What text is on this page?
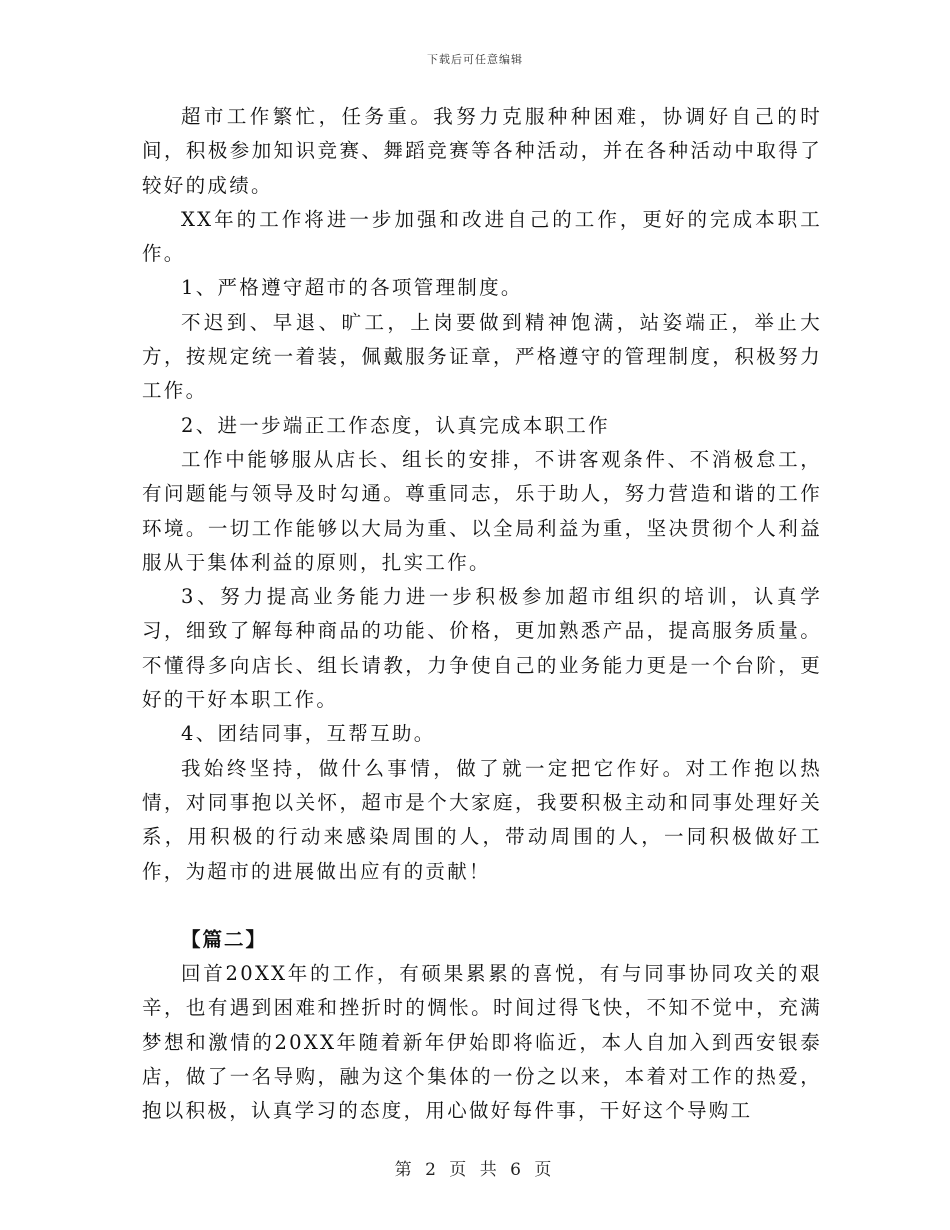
下载后可任意编辑

超市工作繁忙，任务重。我努力克服种种困难，协调好自己的时间，积极参加知识竞赛、舞蹈竞赛等各种活动，并在各种活动中取得了较好的成绩。

XX年的工作将进一步加强和改进自己的工作，更好的完成本职工作。

1、严格遵守超市的各项管理制度。

不迟到、早退、旷工，上岗要做到精神饱满，站姿端正，举止大方，按规定统一着装，佩戴服务证章，严格遵守的管理制度，积极努力工作。

2、进一步端正工作态度，认真完成本职工作

工作中能够服从店长、组长的安排，不讲客观条件、不消极怠工，有问题能与领导及时勾通。尊重同志，乐于助人，努力营造和谐的工作环境。一切工作能够以大局为重、以全局利益为重，坚决贯彻个人利益服从于集体利益的原则，扎实工作。

3、努力提高业务能力进一步积极参加超市组织的培训，认真学习，细致了解每种商品的功能、价格，更加熟悉产品，提高服务质量。不懂得多向店长、组长请教，力争使自己的业务能力更是一个台阶，更好的干好本职工作。

4、团结同事，互帮互助。

我始终坚持，做什么事情，做了就一定把它作好。对工作抱以热情，对同事抱以关怀，超市是个大家庭，我要积极主动和同事处理好关系，用积极的行动来感染周围的人，带动周围的人，一同积极做好工作，为超市的进展做出应有的贡献！

【篇二】

回首20XX年的工作，有硕果累累的喜悦，有与同事协同攻关的艰辛，也有遇到困难和挫折时的惆怅。时间过得飞快，不知不觉中，充满梦想和激情的20XX年随着新年伊始即将临近，本人自加入到西安银泰店，做了一名导购，融为这个集体的一份之以来，本着对工作的热爱，抱以积极，认真学习的态度，用心做好每件事，干好这个导购工

第 2 页 共 6 页
